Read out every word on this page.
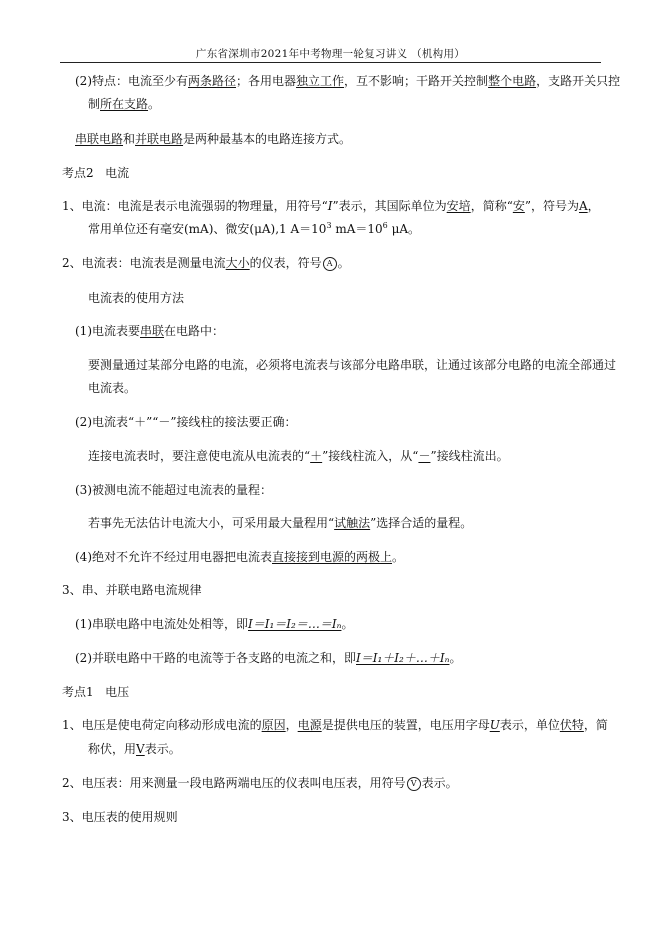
广东省深圳市2021年中考物理一轮复习讲义 （机构用）
(2)特点：电流至少有两条路径；各用电器独立工作，互不影响；干路开关控制整个电路，支路开关只控
制所在支路。
串联电路和并联电路是两种最基本的电路连接方式。
考点2 电流
1、电流：电流是表示电流强弱的物理量，用符号“I”表示，其国际单位为安培，简称“安”，符号为A，
常用单位还有毫安(mA)、微安(μA),1 $A=10^3$ $mA=10^6$ μA。
2、电流表：电流表是测量电流大小的仪表，符号 A 。
电流表的使用方法
(1)电流表要串联在电路中：
要测量通过某部分电路的电流，必须将电流表与该部分电路串联，让通过该部分电路的电流全部通过
电流表。
(2)电流表“＋”“－”接线柱的接法要正确：
连接电流表时，要注意使电流从电流表的“＋”接线柱流入，从“－”接线柱流出。
(3)被测电流不能超过电流表的量程：
若事先无法估计电流大小，可采用最大量程用“试触法”选择合适的量程。
(4)绝对不允许不经过用电器把电流表直接接到电源的两极上。
3、串、并联电路电流规律
(1)串联电路中电流处处相等，即I＝I₁＝I₂＝…＝Iₙ。
(2)并联电路中干路的电流等于各支路的电流之和，即I＝I₁＋I₂＋…＋Iₙ。
考点1 电压
1、电压是使电荷定向移动形成电流的原因，电源是提供电压的装置，电压用字母U表示，单位伏特，简
称伏，用V表示。
2、电压表：用来测量一段电路两端电压的仪表叫电压表，用符号 V 表示。
3、电压表的使用规则
